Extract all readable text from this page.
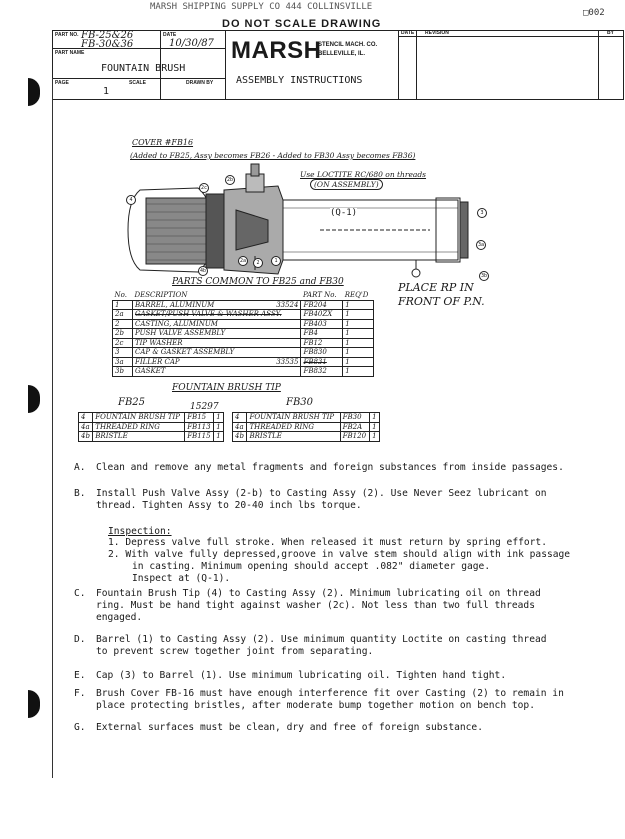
MARSH SHIPPING SUPPLY CO 444 COLLINSVILLE
□002
DO NOT SCALE DRAWING
PART NO. FB-25&26
FB-30&36
DATE
10/30/87
PART NAME
FOUNTAIN BRUSH
PAGE
1
SCALE	DRAWN BY
MARSH
STENCIL MACH. CO.
BELLEVILLE, IL.
ASSEMBLY INSTRUCTIONS
DATE REVISION	BY
COVER #FB16
(Added to FB25, Assy becomes FB26 - Added to FB30 Assy becomes FB36)
Use LOCTITE RC/680 on threads
(ON ASSEMBLY)
(Q-1)
2b
2c
2	1
3
3a
3b
4
4b
2a
PLACE RP IN FRONT OF P.N.
PARTS COMMON TO FB25 and FB30
No.	DESCRIPTION	PART No.	REQ'D
1	BARREL, ALUMINUM 33524	FB204	1
2a	GASKET/PUSH VALVE & WASHER ASSY.	FB40ZX	1
2	CASTING, ALUMINUM	FB403	1
2b	PUSH VALVE ASSEMBLY	FB4	1
2c	TIP WASHER	FB12	1
3	CAP & GASKET ASSEMBLY	FB830	1
3a	FILLER CAP 33535	FB831	1
3b	GASKET	FB832	1
FOUNTAIN BRUSH TIP
FB25	15297	FB30
4	FOUNTAIN BRUSH TIP	FB15	1
4a	THREADED RING	FB113	1
4b	BRISTLE	FB115	1
4	FOUNTAIN BRUSH TIP	FB30	1
4a	THREADED RING	FB2A	1
4b	BRISTLE	FB120	1
A. Clean and remove any metal fragments and foreign substances from inside passages.
B. Install Push Valve Assy (2-b) to Casting Assy (2). Use Never Seez lubricant on
thread. Tighten Assy to 20-40 inch lbs torque.
Inspection:
1. Depress valve full stroke. When released it must return by spring effort.
2. With valve fully depressed,groove in valve stem should align with ink passage
in casting. Minimum opening should accept .082" diameter gage.
Inspect at (Q-1).
C. Fountain Brush Tip (4) to Casting Assy (2). Minimum lubricating oil on thread
ring. Must be hand tight against washer (2c). Not less than two full threads
engaged.
D. Barrel (1) to Casting Assy (2). Use minimum quantity Loctite on casting thread
to prevent screw together joint from separating.
E. Cap (3) to Barrel (1). Use minimum lubricating oil. Tighten hand tight.
F. Brush Cover FB-16 must have enough interference fit over Casting (2) to remain in
place protecting bristles, after moderate bump together motion on bench top.
G. External surfaces must be clean, dry and free of foreign substance.
